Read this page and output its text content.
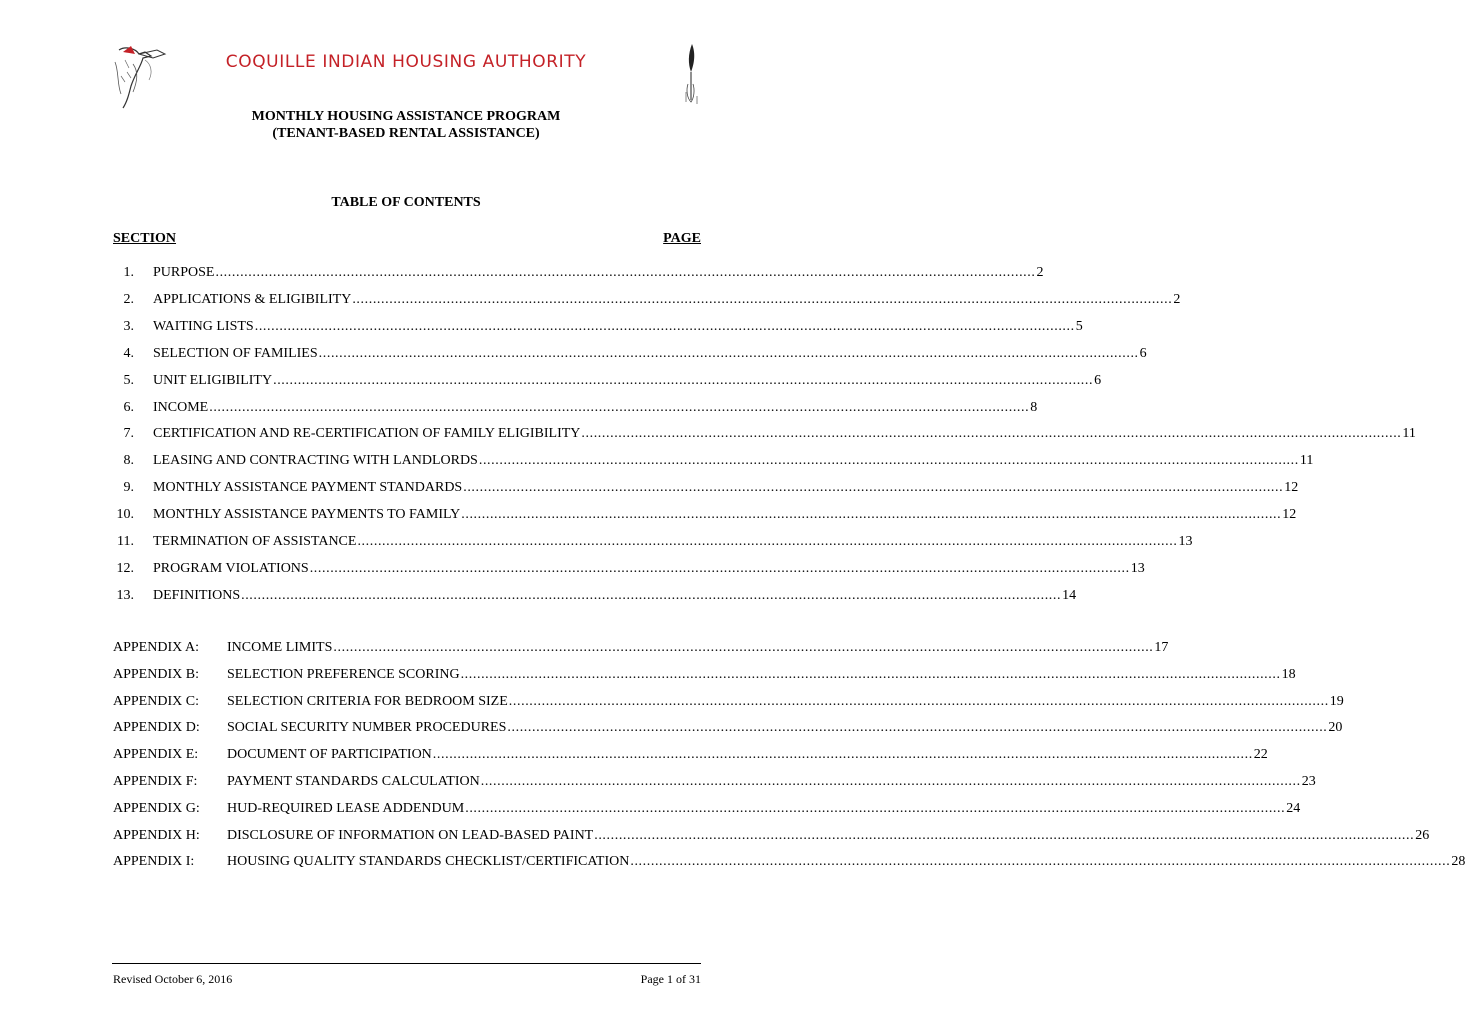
COQUILLE INDIAN HOUSING AUTHORITY
MONTHLY HOUSING ASSISTANCE PROGRAM
(TENANT-BASED RENTAL ASSISTANCE)
TABLE OF CONTENTS
SECTION	PAGE
1. PURPOSE ........................................................................................................................................................................................................ 2
2. APPLICATIONS & ELIGIBILITY ........................................................................................................................................................................................................ 2
3. WAITING LISTS ........................................................................................................................................................................................................ 5
4. SELECTION OF FAMILIES ........................................................................................................................................................................................................ 6
5. UNIT ELIGIBILITY ........................................................................................................................................................................................................ 6
6. INCOME ........................................................................................................................................................................................................ 8
7. CERTIFICATION AND RE-CERTIFICATION OF FAMILY ELIGIBILITY ........................................................................................................................................................................................................ 11
8. LEASING AND CONTRACTING WITH LANDLORDS ........................................................................................................................................................................................................ 11
9. MONTHLY ASSISTANCE PAYMENT STANDARDS ........................................................................................................................................................................................................ 12
10. MONTHLY ASSISTANCE PAYMENTS TO FAMILY ........................................................................................................................................................................................................ 12
11. TERMINATION OF ASSISTANCE ........................................................................................................................................................................................................ 13
12. PROGRAM VIOLATIONS ........................................................................................................................................................................................................ 13
13. DEFINITIONS ........................................................................................................................................................................................................ 14
APPENDIX A: INCOME LIMITS ........................................................................................................................................................................................................ 17
APPENDIX B: SELECTION PREFERENCE SCORING ........................................................................................................................................................................................................ 18
APPENDIX C: SELECTION CRITERIA FOR BEDROOM SIZE ........................................................................................................................................................................................................ 19
APPENDIX D: SOCIAL SECURITY NUMBER PROCEDURES ........................................................................................................................................................................................................ 20
APPENDIX E: DOCUMENT OF PARTICIPATION ........................................................................................................................................................................................................ 22
APPENDIX F: PAYMENT STANDARDS CALCULATION ........................................................................................................................................................................................................ 23
APPENDIX G: HUD-REQUIRED LEASE ADDENDUM ........................................................................................................................................................................................................ 24
APPENDIX H: DISCLOSURE OF INFORMATION ON LEAD-BASED PAINT ........................................................................................................................................................................................................ 26
APPENDIX I: HOUSING QUALITY STANDARDS CHECKLIST/CERTIFICATION ........................................................................................................................................................................................................ 28
Revised October 6, 2016	Page 1 of 31
